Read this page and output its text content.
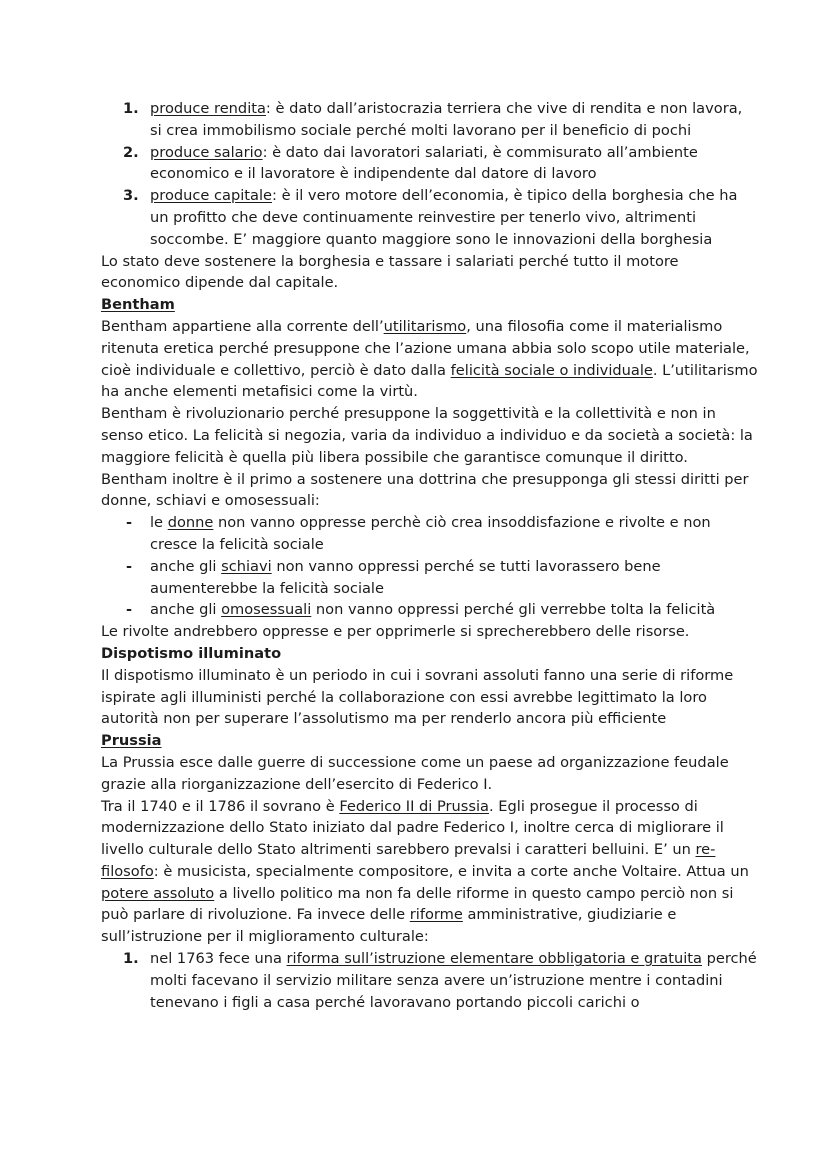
1. produce rendita: è dato dall’aristocrazia terriera che vive di rendita e non lavora, si crea immobilismo sociale perché molti lavorano per il beneficio di pochi
2. produce salario: è dato dai lavoratori salariati, è commisurato all’ambiente economico e il lavoratore è indipendente dal datore di lavoro
3. produce capitale: è il vero motore dell’economia, è tipico della borghesia che ha un profitto che deve continuamente reinvestire per tenerlo vivo, altrimenti soccombe. E’ maggiore quanto maggiore sono le innovazioni della borghesia

Lo stato deve sostenere la borghesia e tassare i salariati perché tutto il motore economico dipende dal capitale.

Bentham

Bentham appartiene alla corrente dell’utilitarismo, una filosofia come il materialismo ritenuta eretica perché presuppone che l’azione umana abbia solo scopo utile materiale, cioè individuale e collettivo, perciò è dato dalla felicità sociale o individuale. L’utilitarismo ha anche elementi metafisici come la virtù.

Bentham è rivoluzionario perché presuppone la soggettività e la collettività e non in senso etico. La felicità si negozia, varia da individuo a individuo e da società a società: la maggiore felicità è quella più libera possibile che garantisce comunque il diritto.

Bentham inoltre è il primo a sostenere una dottrina che presupponga gli stessi diritti per donne, schiavi e omosessuali:

- le donne non vanno oppresse perchè ciò crea insoddisfazione e rivolte e non cresce la felicità sociale
- anche gli schiavi non vanno oppressi perché se tutti lavorassero bene aumenterebbe la felicità sociale
- anche gli omosessuali non vanno oppressi perché gli verrebbe tolta la felicità

Le rivolte andrebbero oppresse e per opprimerle si sprecherebbero delle risorse.

Dispotismo illuminato

Il dispotismo illuminato è un periodo in cui i sovrani assoluti fanno una serie di riforme ispirate agli illuministi perché la collaborazione con essi avrebbe legittimato la loro autorità non per superare l’assolutismo ma per renderlo ancora più efficiente

Prussia

La Prussia esce dalle guerre di successione come un paese ad organizzazione feudale grazie alla riorganizzazione dell’esercito di Federico I.

Tra il 1740 e il 1786 il sovrano è Federico II di Prussia. Egli prosegue il processo di modernizzazione dello Stato iniziato dal padre Federico I, inoltre cerca di migliorare il livello culturale dello Stato altrimenti sarebbero prevalsi i caratteri belluini. E’ un re-filosofo: è musicista, specialmente compositore, e invita a corte anche Voltaire. Attua un potere assoluto a livello politico ma non fa delle riforme in questo campo perciò non si può parlare di rivoluzione. Fa invece delle riforme amministrative, giudiziarie e sull’istruzione per il miglioramento culturale:

1. nel 1763 fece una riforma sull’istruzione elementare obbligatoria e gratuita perché molti facevano il servizio militare senza avere un’istruzione mentre i contadini tenevano i figli a casa perché lavoravano portando piccoli carichi o
